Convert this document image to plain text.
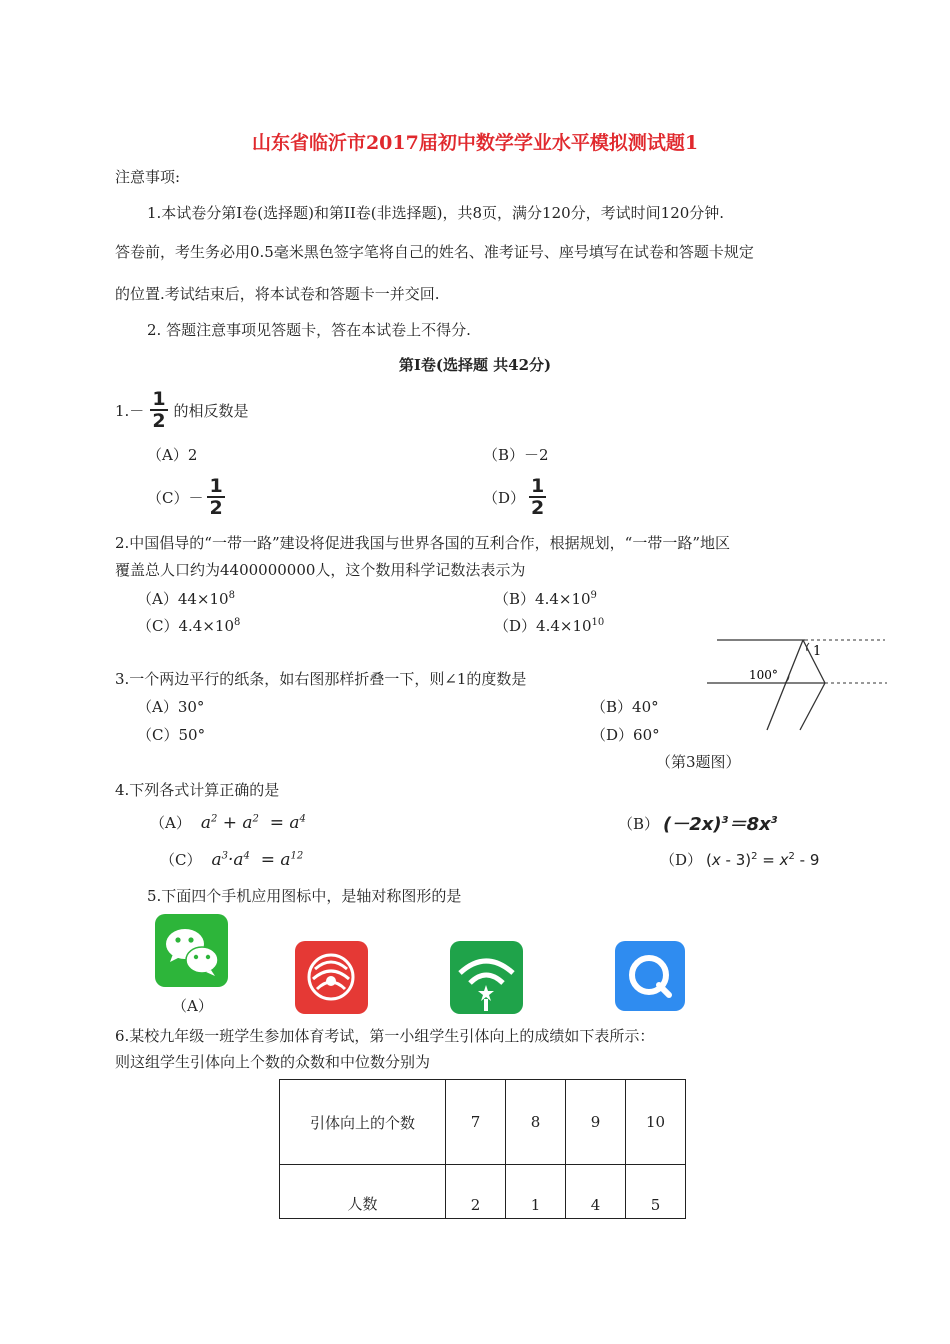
山东省临沂市2017届初中数学学业水平模拟测试题1
注意事项:
1.本试卷分第Ⅰ卷(选择题)和第II卷(非选择题)，共8页，满分120分，考试时间120分钟.
答卷前，考生务必用0.5毫米黑色签字笔将自己的姓名、准考证号、座号填写在试卷和答题卡规定
的位置.考试结束后，将本试卷和答题卡一并交回.
2. 答题注意事项见答题卡，答在本试卷上不得分.
第Ⅰ卷(选择题 共42分)
$1.- \frac{1}{2}$ 的相反数是
（A）2	（B）－2
$(C)- \frac{1}{2}$	$(D) \frac{1}{2}$
2.中国倡导的“一带一路”建设将促进我国与世界各国的互利合作，根据规划，“一带一路”地区
覆盖总人口约为4400000000人，这个数用科学记数法表示为
$(A)44\times 10^8$	$(B)4.4\times 10^9$
$(C)4.4\times 10^8$	$(D)4.4\times 10^{10}$
3.一个两边平行的纸条，如右图那样折叠一下，则∠1的度数是
（A）30°	（B）40°
（C）50°	（D）60°
（第3题图）
100°
1
4.下列各式计算正确的是
（A） $a^2 + a^2 = a^4$	（B） $(-2x)^3=8x^3$
（C） $a^3\cdot a^4 = a^{12}$	（D） $(x - 3)^2 = x^2 - 9$
5.下面四个手机应用图标中，是轴对称图形的是
（A）
6.某校九年级一班学生参加体育考试，第一小组学生引体向上的成绩如下表所示：
则这组学生引体向上个数的众数和中位数分别为
引体向上的个数	7	8	9	10
人数	2	1	4	5
